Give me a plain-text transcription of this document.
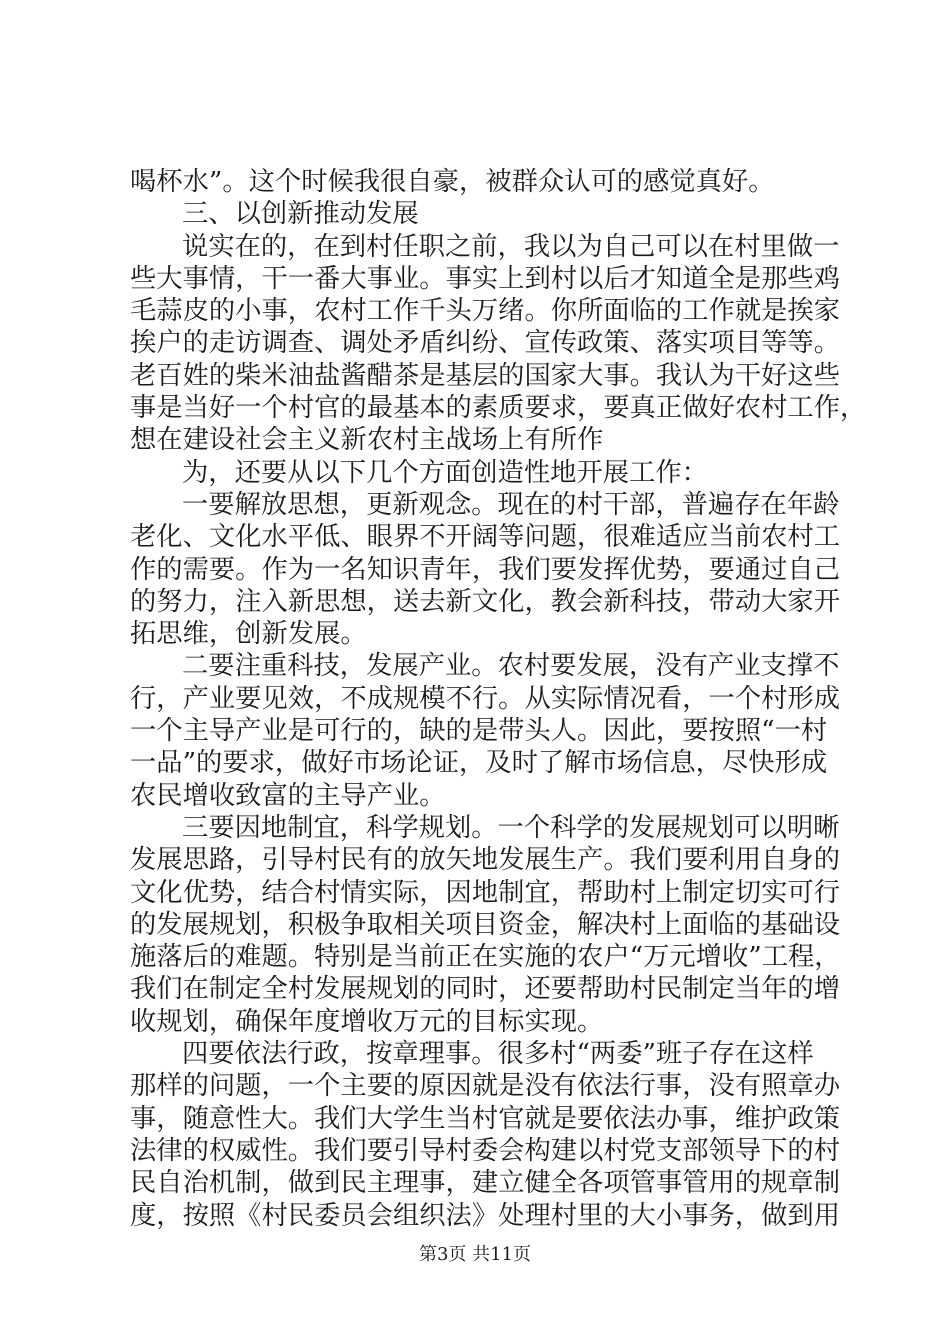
喝杯水”。这个时候我很自豪，被群众认可的感觉真好。
三、以创新推动发展
说实在的，在到村任职之前，我以为自己可以在村里做一
些大事情，干一番大事业。事实上到村以后才知道全是那些鸡
毛蒜皮的小事，农村工作千头万绪。你所面临的工作就是挨家
挨户的走访调查、调处矛盾纠纷、宣传政策、落实项目等等。
老百姓的柴米油盐酱醋茶是基层的国家大事。我认为干好这些
事是当好一个村官的最基本的素质要求，要真正做好农村工作，
想在建设社会主义新农村主战场上有所作
为，还要从以下几个方面创造性地开展工作：
一要解放思想，更新观念。现在的村干部，普遍存在年龄
老化、文化水平低、眼界不开阔等问题，很难适应当前农村工
作的需要。作为一名知识青年，我们要发挥优势，要通过自己
的努力，注入新思想，送去新文化，教会新科技，带动大家开
拓思维，创新发展。
二要注重科技，发展产业。农村要发展，没有产业支撑不
行，产业要见效，不成规模不行。从实际情况看，一个村形成
一个主导产业是可行的，缺的是带头人。因此，要按照“一村
一品”的要求，做好市场论证，及时了解市场信息，尽快形成
农民增收致富的主导产业。
三要因地制宜，科学规划。一个科学的发展规划可以明晰
发展思路，引导村民有的放矢地发展生产。我们要利用自身的
文化优势，结合村情实际，因地制宜，帮助村上制定切实可行
的发展规划，积极争取相关项目资金，解决村上面临的基础设
施落后的难题。特别是当前正在实施的农户“万元增收”工程，
我们在制定全村发展规划的同时，还要帮助村民制定当年的增
收规划，确保年度增收万元的目标实现。
四要依法行政，按章理事。很多村“两委”班子存在这样
那样的问题，一个主要的原因就是没有依法行事，没有照章办
事，随意性大。我们大学生当村官就是要依法办事，维护政策
法律的权威性。我们要引导村委会构建以村党支部领导下的村
民自治机制，做到民主理事，建立健全各项管事管用的规章制
度，按照《村民委员会组织法》处理村里的大小事务，做到用
第3页 共11页
